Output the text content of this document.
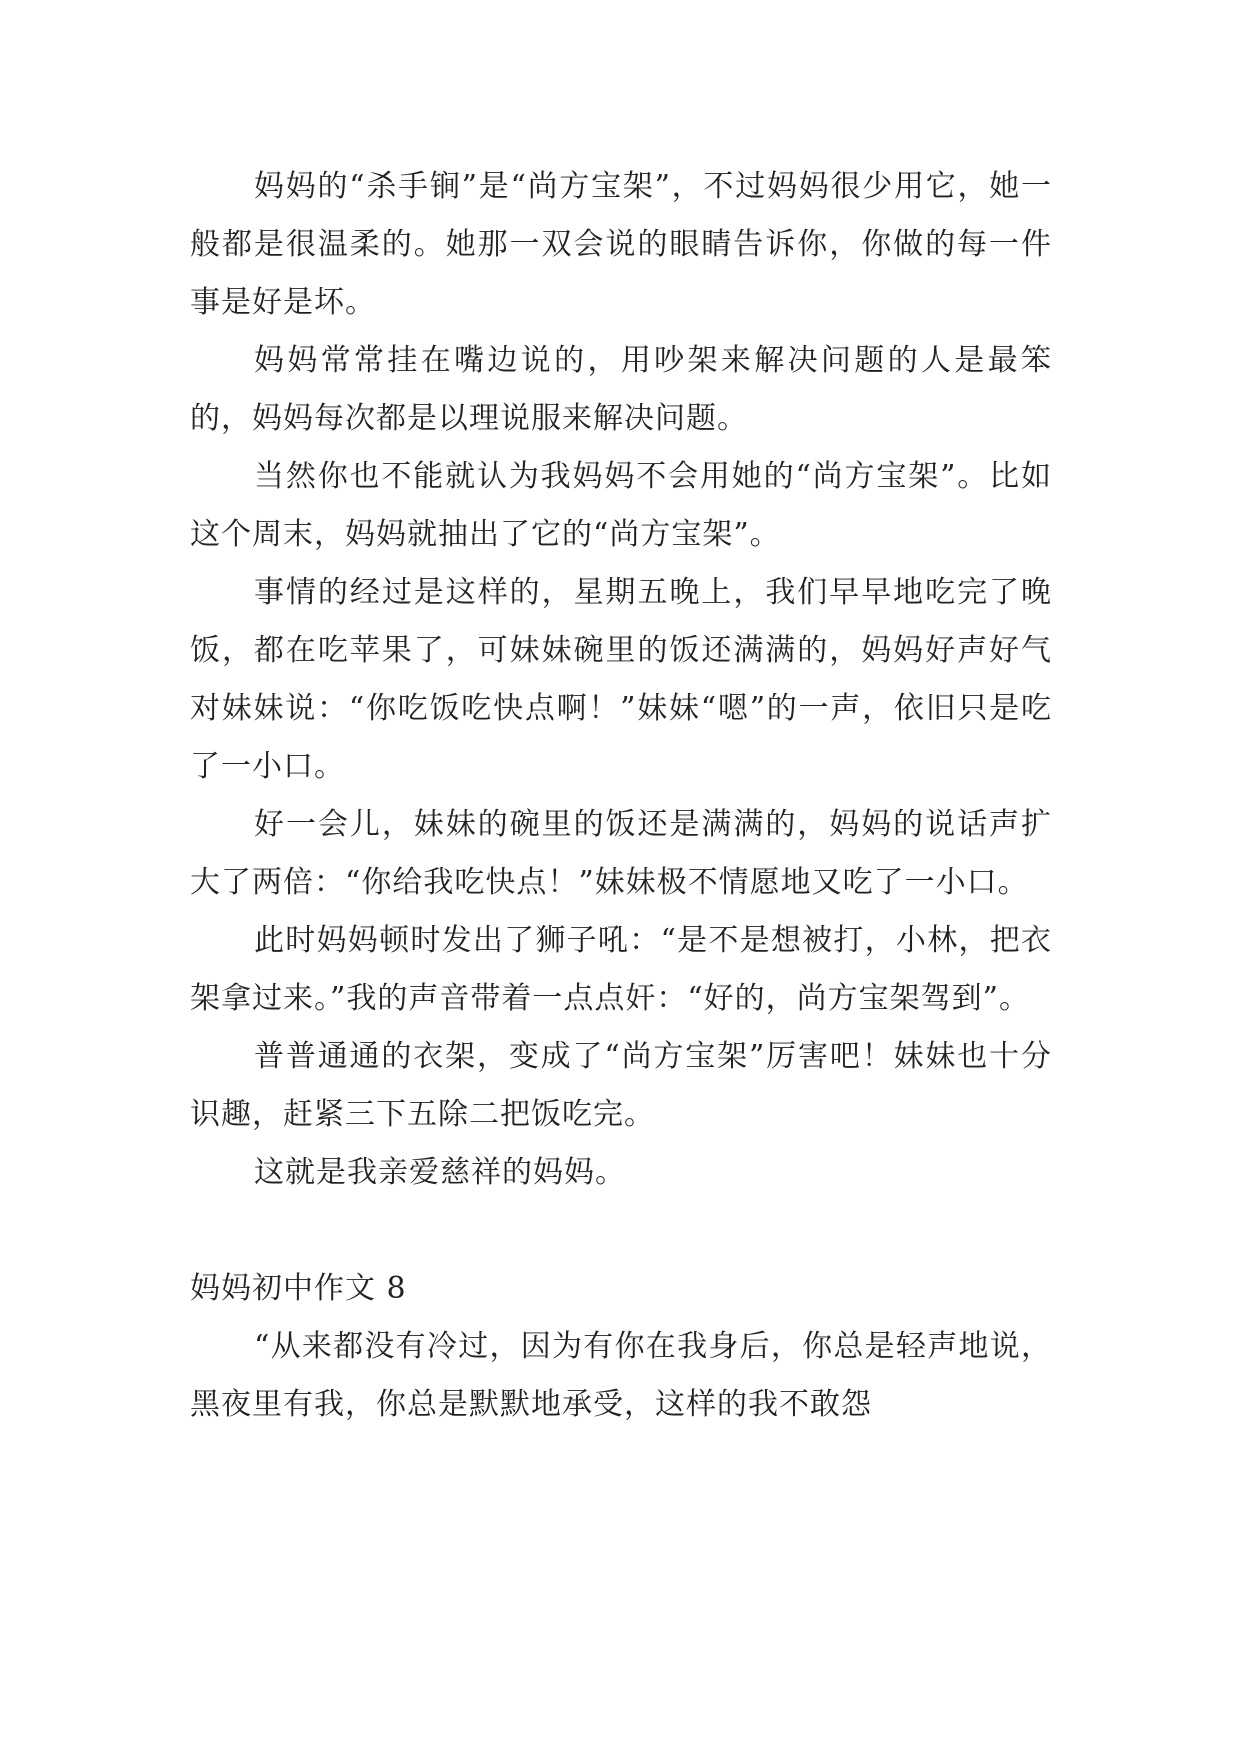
妈妈的“杀手锏”是“尚方宝架”，不过妈妈很少用它，她一般都是很温柔的。她那一双会说的眼睛告诉你，你做的每一件事是好是坏。

妈妈常常挂在嘴边说的，用吵架来解决问题的人是最笨的，妈妈每次都是以理说服来解决问题。

当然你也不能就认为我妈妈不会用她的“尚方宝架”。比如这个周末，妈妈就抽出了它的“尚方宝架”。

事情的经过是这样的，星期五晚上，我们早早地吃完了晚饭，都在吃苹果了，可妹妹碗里的饭还满满的，妈妈好声好气对妹妹说：“你吃饭吃快点啊！”妹妹“嗯”的一声，依旧只是吃了一小口。

好一会儿，妹妹的碗里的饭还是满满的，妈妈的说话声扩大了两倍：“你给我吃快点！”妹妹极不情愿地又吃了一小口。

此时妈妈顿时发出了狮子吼：“是不是想被打，小林，把衣架拿过来。”我的声音带着一点点奸：“好的，尚方宝架驾到”。

普普通通的衣架，变成了“尚方宝架”厉害吧！妹妹也十分识趣，赶紧三下五除二把饭吃完。

这就是我亲爱慈祥的妈妈。

妈妈初中作文 8

“从来都没有冷过，因为有你在我身后，你总是轻声地说，黑夜里有我，你总是默默地承受，这样的我不敢怨
